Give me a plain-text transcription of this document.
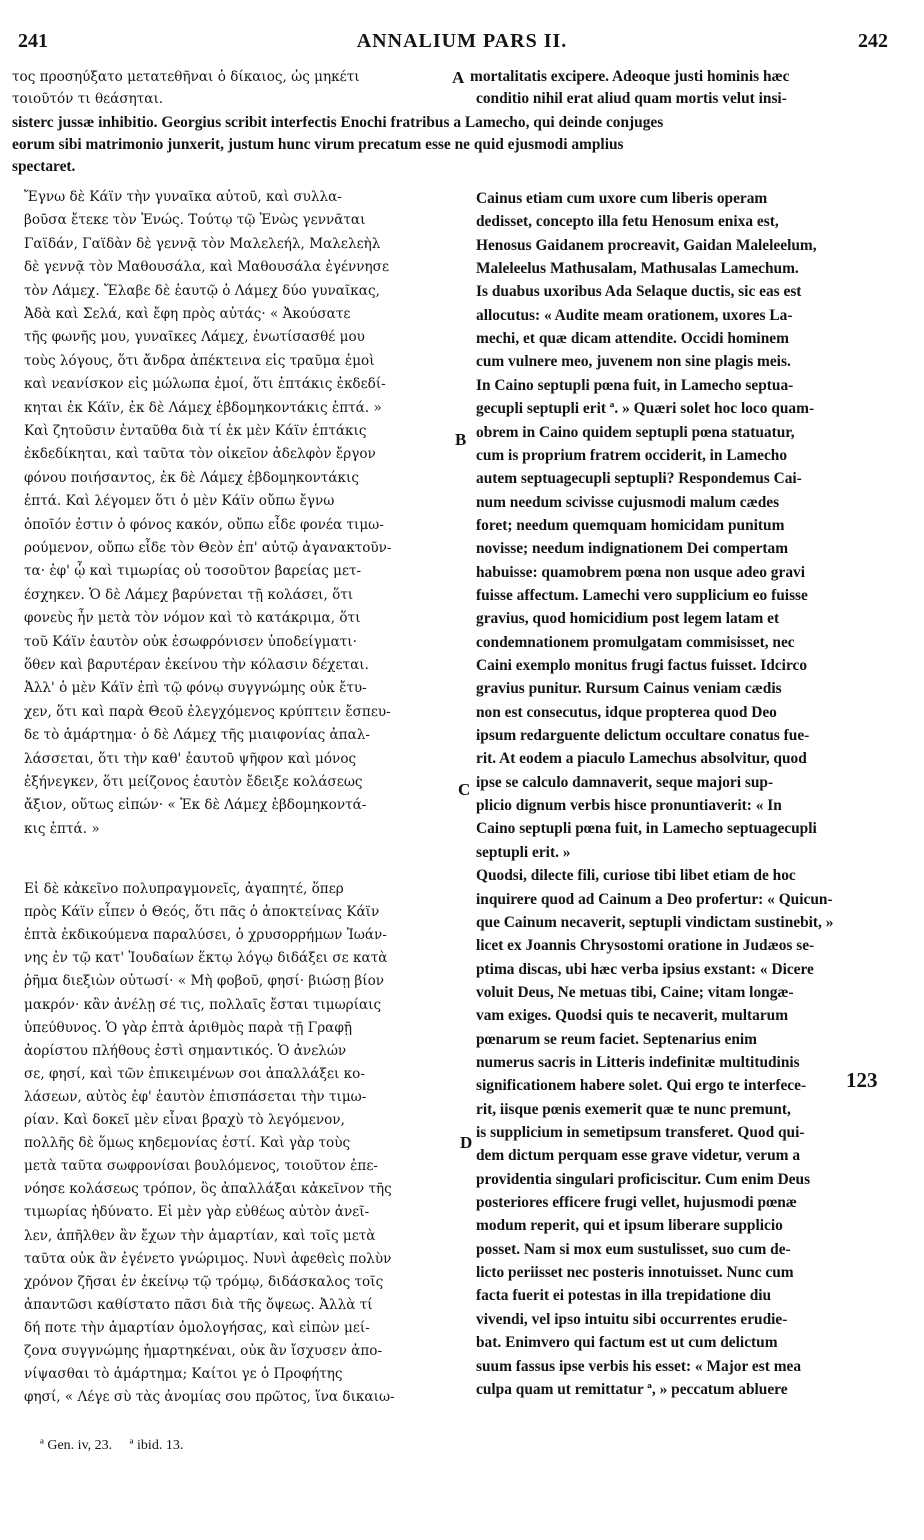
241	ANNALIUM PARS II.	242
τος προσηύξατο μετατεθῆναι ὁ δίκαιος, ὡς μηκέτι
τοιοῦτόν τι θεάσηται.
sisterc jussæ inhibitio. Georgius scribit interfectis Enochi fratribus a Lamecho, qui deinde conjuges
eorum sibi matrimonio junxerit, justum hunc virum precatum esse ne quid ejusmodi amplius
spectaret.
mortalitatis excipere. Adeoque justi hominis hæc
conditio nihil erat aliud quam mortis velut insi-
Ἔγνω δὲ Κάϊν τὴν γυναῖκα αὐτοῦ, καὶ συλλα-
βοῦσα ἔτεκε τὸν Ἐνώς. Τούτῳ τῷ Ἐνὼς γεννᾶται
Γαϊδάν, Γαϊδὰν δὲ γεννᾷ τὸν Μαλελεήλ, Μαλελεὴλ
δὲ γεννᾷ τὸν Μαθουσάλα, καὶ Μαθουσάλα ἐγέννησε
τὸν Λάμεχ. Ἔλαβε δὲ ἑαυτῷ ὁ Λάμεχ δύο γυναῖκας,
Ἀδὰ καὶ Σελά, καὶ ἔφη πρὸς αὐτάς· « Ἀκούσατε
τῆς φωνῆς μου, γυναῖκες Λάμεχ, ἐνωτίσασθέ μου
τοὺς λόγους, ὅτι ἄνδρα ἀπέκτεινα εἰς τραῦμα ἐμοὶ
καὶ νεανίσκον εἰς μώλωπα ἐμοί, ὅτι ἑπτάκις ἐκδεδί-
κηται ἐκ Κάϊν, ἐκ δὲ Λάμεχ ἑβδομηκοντάκις ἑπτά. »
Καὶ ζητοῦσιν ἐνταῦθα διὰ τί ἐκ μὲν Κάϊν ἑπτάκις
ἐκδεδίκηται, καὶ ταῦτα τὸν οἰκεῖον ἀδελφὸν ἔργον
φόνου ποιήσαντος, ἐκ δὲ Λάμεχ ἑβδομηκοντάκις
ἑπτά. Καὶ λέγομεν ὅτι ὁ μὲν Κάϊν οὔπω ἔγνω
ὁποῖόν ἐστιν ὁ φόνος κακόν, οὔπω εἶδε φονέα τιμω-
ρούμενον, οὔπω εἶδε τὸν Θεὸν ἐπ' αὐτῷ ἀγανακτοῦν-
τα· ἐφ' ᾧ καὶ τιμωρίας οὐ τοσοῦτον βαρείας μετ-
έσχηκεν. Ὁ δὲ Λάμεχ βαρύνεται τῇ κολάσει, ὅτι
φονεὺς ἦν μετὰ τὸν νόμον καὶ τὸ κατάκριμα, ὅτι
τοῦ Κάϊν ἑαυτὸν οὐκ ἐσωφρόνισεν ὑποδείγματι·
ὅθεν καὶ βαρυτέραν ἐκείνου τὴν κόλασιν δέχεται.
Ἀλλ' ὁ μὲν Κάϊν ἐπὶ τῷ φόνῳ συγγνώμης οὐκ ἔτυ-
χεν, ὅτι καὶ παρὰ Θεοῦ ἐλεγχόμενος κρύπτειν ἔσπευ-
δε τὸ ἁμάρτημα· ὁ δὲ Λάμεχ τῆς μιαιφονίας ἀπαλ-
λάσσεται, ὅτι τὴν καθ' ἑαυτοῦ ψῆφον καὶ μόνος
ἐξήνεγκεν, ὅτι μείζονος ἑαυτὸν ἔδειξε κολάσεως
ἄξιον, οὕτως εἰπών· « Ἐκ δὲ Λάμεχ ἑβδομηκοντά-
κις ἑπτά. »
Εἰ δὲ κἀκεῖνο πολυπραγμονεῖς, ἀγαπητέ, ὅπερ
πρὸς Κάϊν εἶπεν ὁ Θεός, ὅτι πᾶς ὁ ἀποκτείνας Κάϊν
ἑπτὰ ἐκδικούμενα παραλύσει, ὁ χρυσορρήμων Ἰωάν-
νης ἐν τῷ κατ' Ἰουδαίων ἕκτῳ λόγῳ διδάξει σε κατὰ
ῥῆμα διεξιὼν οὑτωσί· « Μὴ φοβοῦ, φησί· βιώσῃ βίον
μακρόν· κἂν ἀνέλῃ σέ τις, πολλαῖς ἔσται τιμωρίαις
ὑπεύθυνος. Ὁ γὰρ ἑπτὰ ἀριθμὸς παρὰ τῇ Γραφῇ
ἀορίστου πλήθους ἐστὶ σημαντικός. Ὁ ἀνελών
σε, φησί, καὶ τῶν ἐπικειμένων σοι ἀπαλλάξει κο-
λάσεων, αὐτὸς ἐφ' ἑαυτὸν ἐπισπάσεται τὴν τιμω-
ρίαν. Καὶ δοκεῖ μὲν εἶναι βραχὺ τὸ λεγόμενον,
πολλῆς δὲ ὅμως κηδεμονίας ἐστί. Καὶ γὰρ τοὺς
μετὰ ταῦτα σωφρονίσαι βουλόμενος, τοιοῦτον ἐπε-
νόησε κολάσεως τρόπον, ὃς ἀπαλλάξαι κἀκεῖνον τῆς
τιμωρίας ἠδύνατο. Εἰ μὲν γὰρ εὐθέως αὐτὸν ἀνεῖ-
λεν, ἀπῆλθεν ἂν ἔχων τὴν ἁμαρτίαν, καὶ τοῖς μετὰ
ταῦτα οὐκ ἂν ἐγένετο γνώριμος. Νυνὶ ἀφεθεὶς πολὺν
χρόνον ζῆσαι ἐν ἐκείνῳ τῷ τρόμῳ, διδάσκαλος τοῖς
ἀπαντῶσι καθίστατο πᾶσι διὰ τῆς ὄψεως. Ἀλλὰ τί
δή ποτε τὴν ἁμαρτίαν ὁμολογήσας, καὶ εἰπὼν μεί-
ζονα συγγνώμης ἡμαρτηκέναι, οὐκ ἂν ἴσχυσεν ἀπο-
νίψασθαι τὸ ἁμάρτημα; Καίτοι γε ὁ Προφήτης
φησί, « Λέγε σὺ τὰς ἀνομίας σου πρῶτος, ἵνα δικαιω-
Cainus etiam cum uxore cum liberis operam
dedisset, concepto illa fetu Henosum enixa est,
Henosus Gaidanem procreavit, Gaidan Maleleelum,
Maleleelus Mathusalam, Mathusalas Lamechum.
Is duabus uxoribus Ada Selaque ductis, sic eas est
allocutus: « Audite meam orationem, uxores La-
mechi, et quæ dicam attendite. Occidi hominem
cum vulnere meo, juvenem non sine plagis meis.
In Caino septupli pœna fuit, in Lamecho septua-
gecupli septupli erit ª. » Quæri solet hoc loco quam-
obrem in Caino quidem septupli pœna statuatur,
cum is proprium fratrem occiderit, in Lamecho
autem septuagecupli septupli? Respondemus Cai-
num needum scivisse cujusmodi malum cædes
foret; needum quemquam homicidam punitum
novisse; needum indignationem Dei compertam
habuisse: quamobrem pœna non usque adeo gravi
fuisse affectum. Lamechi vero supplicium eo fuisse
gravius, quod homicidium post legem latam et
condemnationem promulgatam commisisset, nec
Caini exemplo monitus frugi factus fuisset. Idcirco
gravius punitur. Rursum Cainus veniam cædis
non est consecutus, idque propterea quod Deo
ipsum redarguente delictum occultare conatus fue-
rit. At eodem a piaculo Lamechus absolvitur, quod
ipse se calculo damnaverit, seque majori sup-
plicio dignum verbis hisce pronuntiaverit: « In
Caino septupli pœna fuit, in Lamecho septuagecupli
septupli erit. »
Quodsi, dilecte fili, curiose tibi libet etiam de hoc
inquirere quod ad Cainum a Deo profertur: « Quicun-
que Cainum necaverit, septupli vindictam sustinebit, »
licet ex Joannis Chrysostomi oratione in Judæos se-
ptima discas, ubi hæc verba ipsius exstant: « Dicere
voluit Deus, Ne metuas tibi, Caine; vitam longæ-
vam exiges. Quodsi quis te necaverit, multarum
pœnarum se reum faciet. Septenarius enim
numerus sacris in Litteris indefinitæ multitudinis
significationem habere solet. Qui ergo te interfece-
rit, iisque pœnis exemerit quæ te nunc premunt,
is supplicium in semetipsum transferet. Quod qui-
dem dictum perquam esse grave videtur, verum a
providentia singulari proficiscitur. Cum enim Deus
posteriores efficere frugi vellet, hujusmodi pœnæ
modum reperit, qui et ipsum liberare supplicio
posset. Nam si mox eum sustulisset, suo cum de-
licto periisset nec posteris innotuisset. Nunc cum
facta fuerit ei potestas in illa trepidatione diu
vivendi, vel ipso intuitu sibi occurrentes erudie-
bat. Enimvero qui factum est ut cum delictum
suum fassus ipse verbis his esset: « Major est mea
culpa quam ut remittatur ª, » peccatum abluere
A
B
C
D
123
ª Gen. iv, 23. ª ibid. 13.
